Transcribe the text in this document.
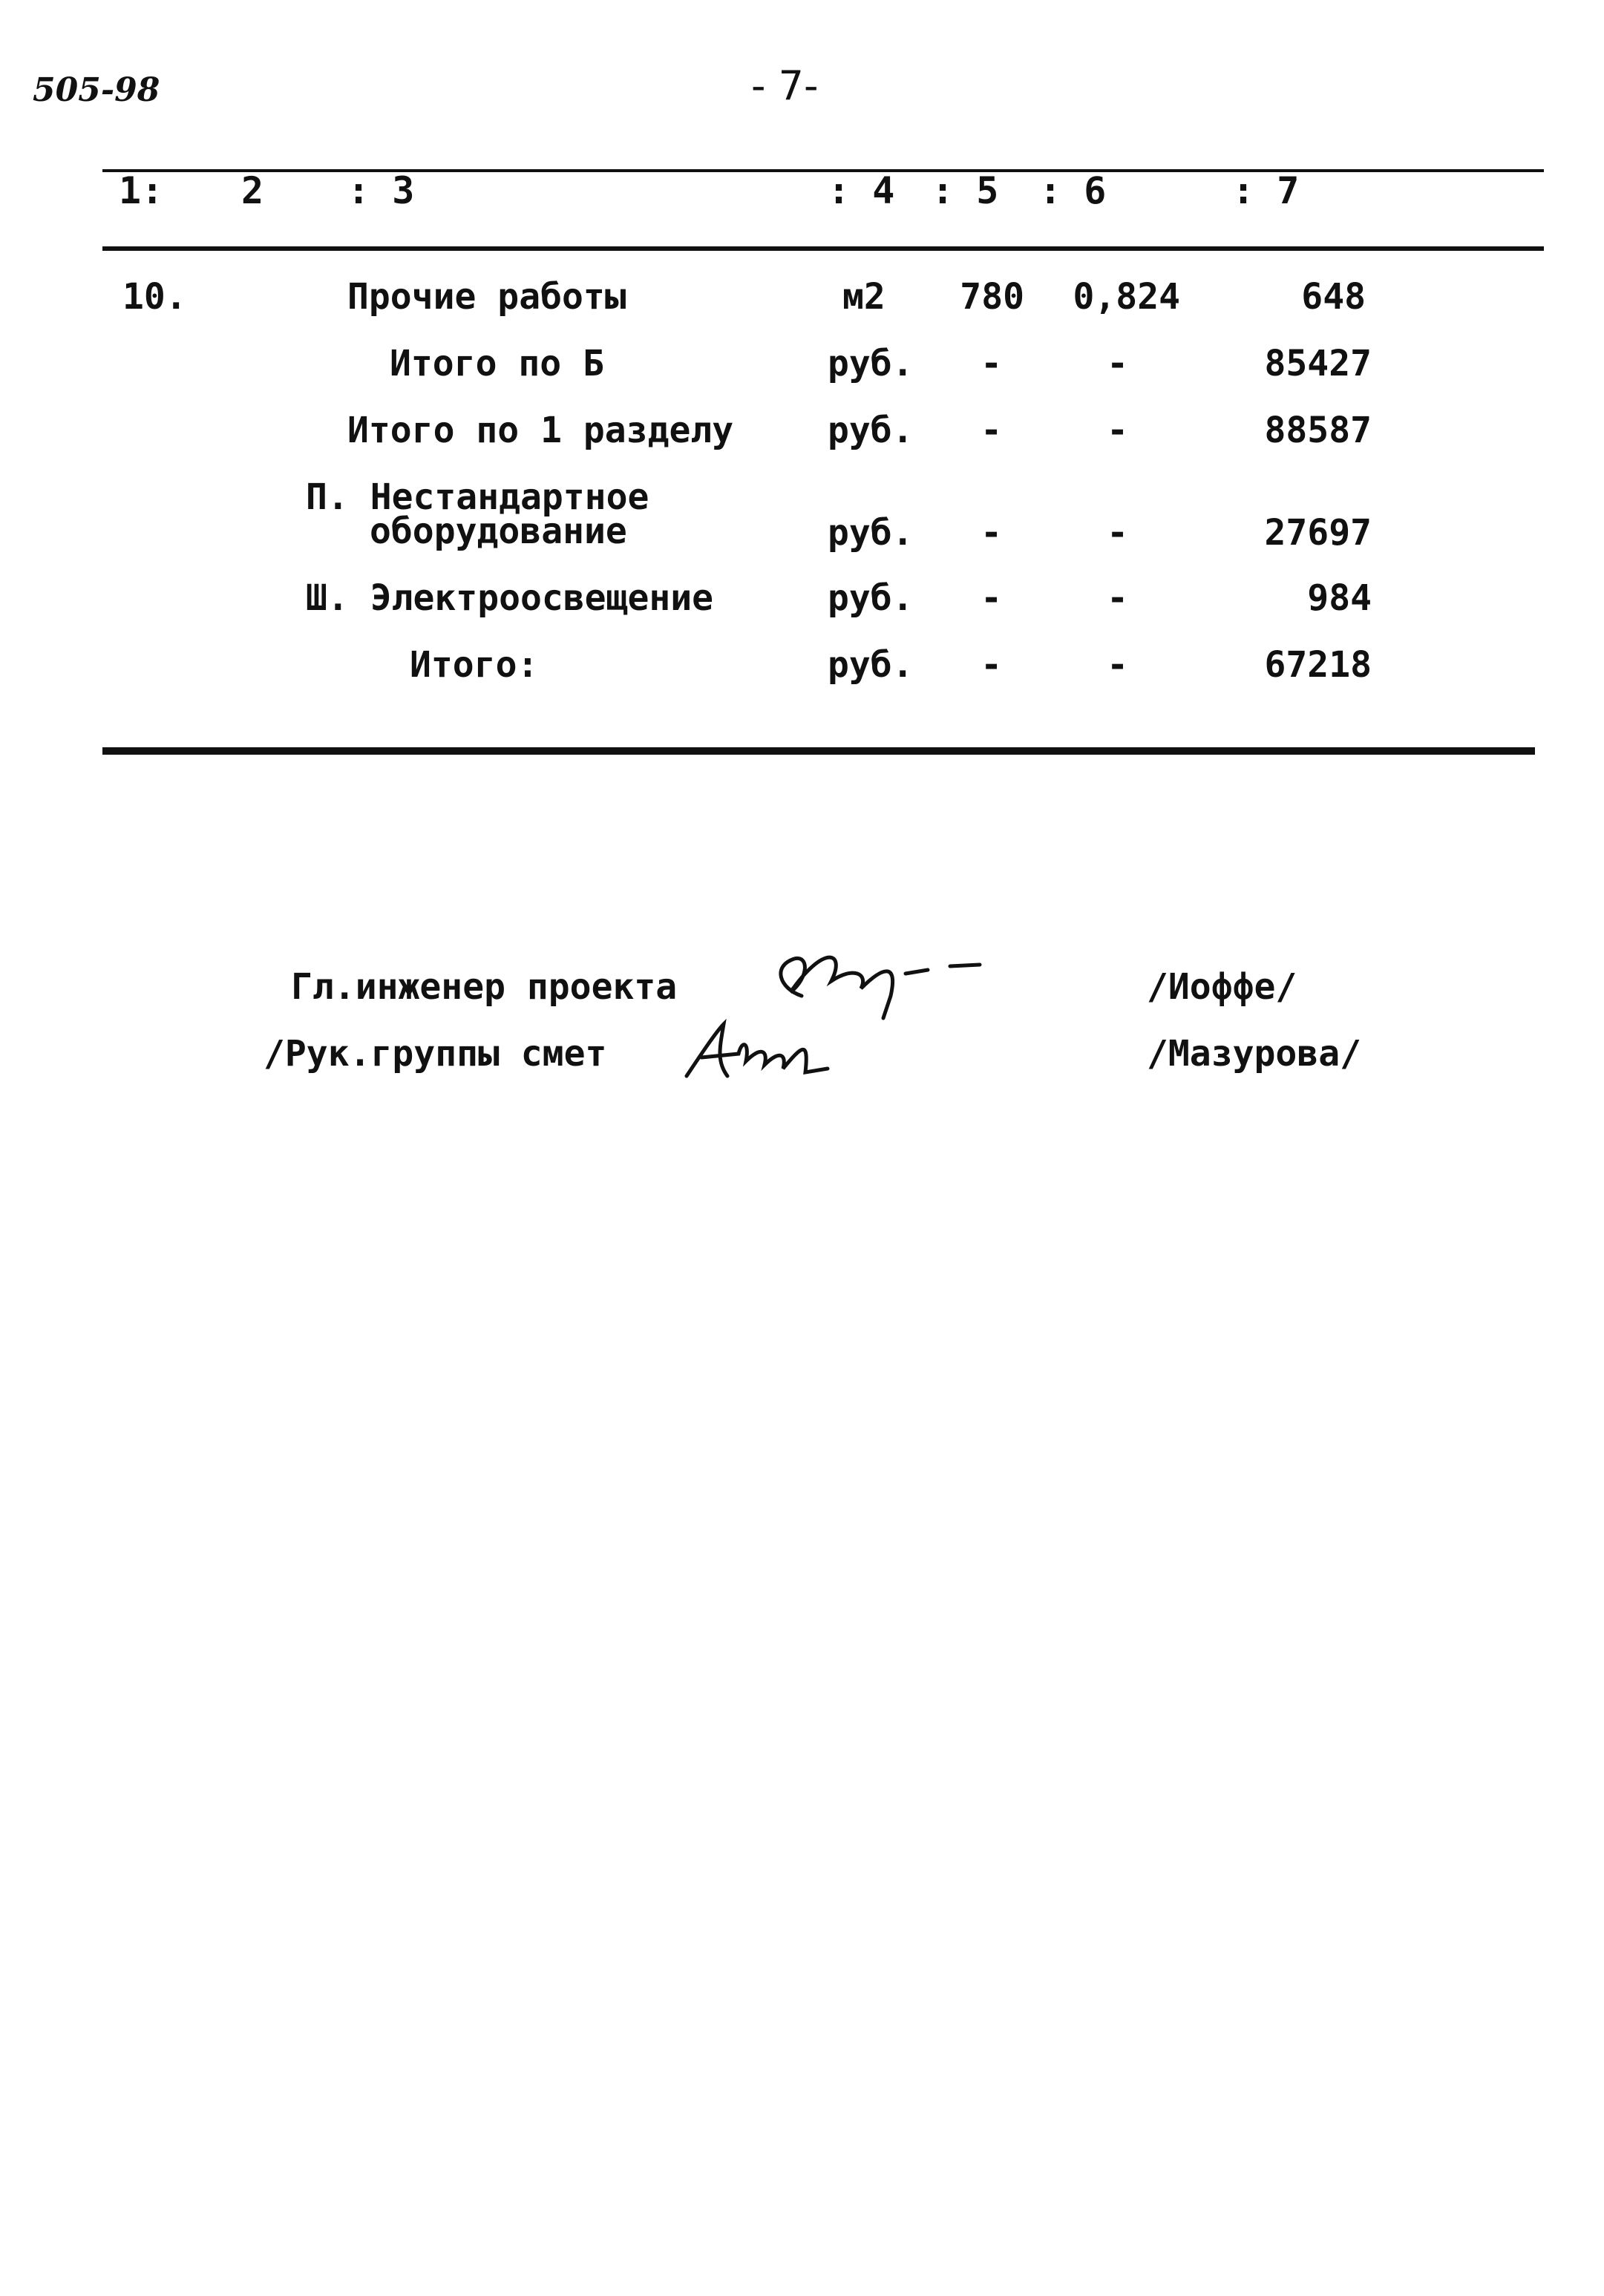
505-98	- 7-
1: 2 : 3	: 4 : 5 : 6	: 7
10.	Прочие работы	м2	780 0,824	648
Итого по Б	руб.	-	-	85427
Итого по 1 разделу	руб.	-	-	88587
П. Нестандартное
оборудование	руб.	-	-	27697
Ш. Электроосвещение	руб.	-	-	984
Итого:	руб.	-	-	67218
Гл.инженер проекта
/Рук.группы смет
/Иоффе/
/Мазурова/
